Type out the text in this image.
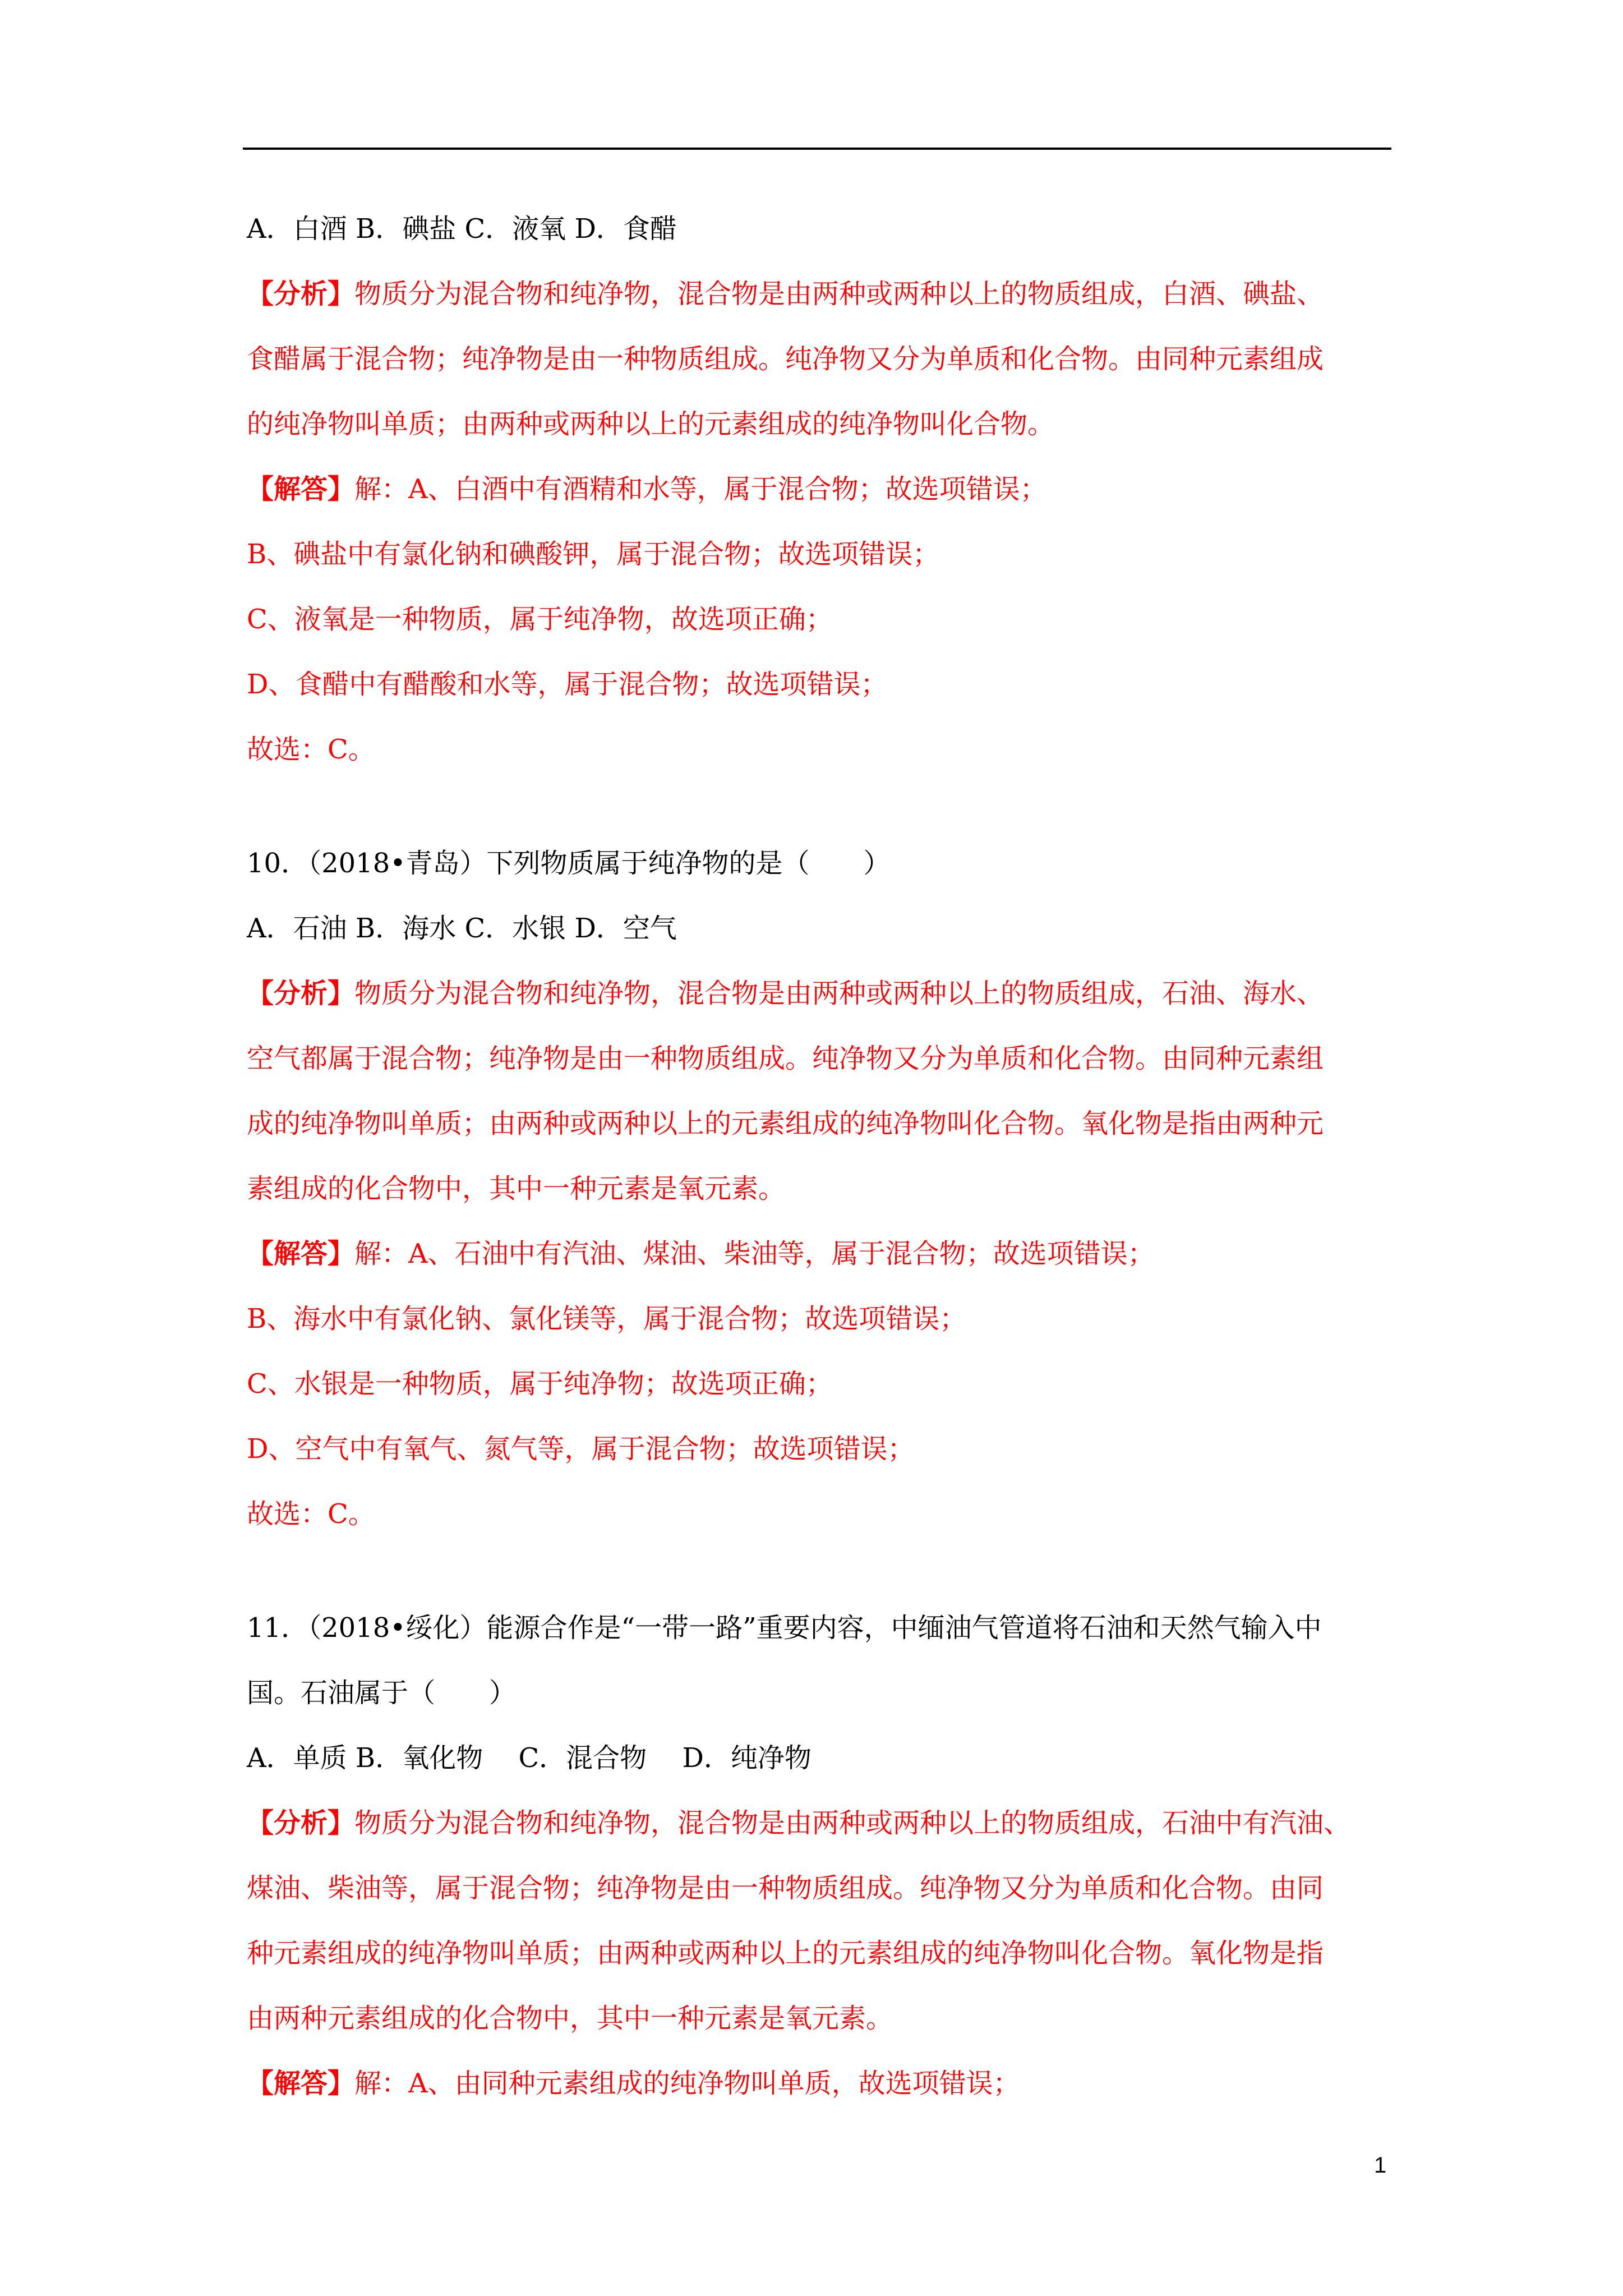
A．白酒 B．碘盐 C．液氧 D．食醋
【分析】物质分为混合物和纯净物，混合物是由两种或两种以上的物质组成，白酒、碘盐、
食醋属于混合物；纯净物是由一种物质组成。纯净物又分为单质和化合物。由同种元素组成
的纯净物叫单质；由两种或两种以上的元素组成的纯净物叫化合物。
【解答】解：A、白酒中有酒精和水等，属于混合物；故选项错误；
B、碘盐中有氯化钠和碘酸钾，属于混合物；故选项错误；
C、液氧是一种物质，属于纯净物，故选项正确；
D、食醋中有醋酸和水等，属于混合物；故选项错误；
故选：C。
10．（2018•青岛）下列物质属于纯净物的是（　　）
A．石油 B．海水 C．水银 D．空气
【分析】物质分为混合物和纯净物，混合物是由两种或两种以上的物质组成，石油、海水、
空气都属于混合物；纯净物是由一种物质组成。纯净物又分为单质和化合物。由同种元素组
成的纯净物叫单质；由两种或两种以上的元素组成的纯净物叫化合物。氧化物是指由两种元
素组成的化合物中，其中一种元素是氧元素。
【解答】解：A、石油中有汽油、煤油、柴油等，属于混合物；故选项错误；
B、海水中有氯化钠、氯化镁等，属于混合物；故选项错误；
C、水银是一种物质，属于纯净物；故选项正确；
D、空气中有氧气、氮气等，属于混合物；故选项错误；
故选：C。
11．（2018•绥化）能源合作是“一带一路”重要内容，中缅油气管道将石油和天然气输入中
国。石油属于（　　）
A．单质 B．氧化物　 C．混合物　 D．纯净物
【分析】物质分为混合物和纯净物，混合物是由两种或两种以上的物质组成，石油中有汽油、
煤油、柴油等，属于混合物；纯净物是由一种物质组成。纯净物又分为单质和化合物。由同
种元素组成的纯净物叫单质；由两种或两种以上的元素组成的纯净物叫化合物。氧化物是指
由两种元素组成的化合物中，其中一种元素是氧元素。
【解答】解：A、由同种元素组成的纯净物叫单质，故选项错误；
1
